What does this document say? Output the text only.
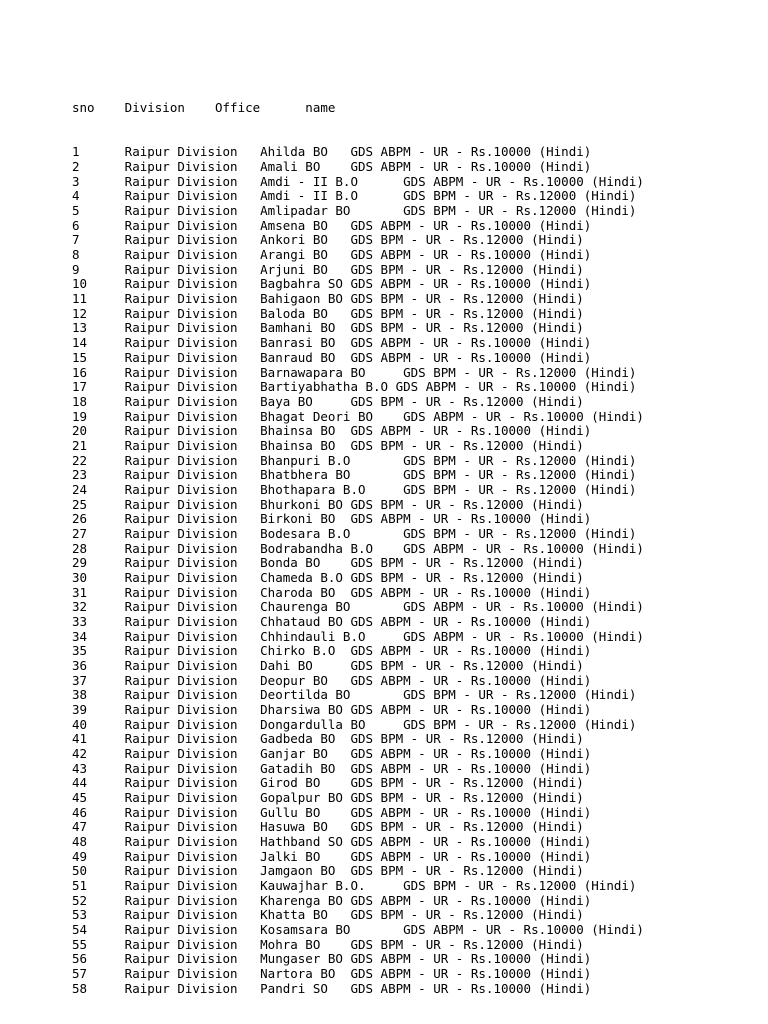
sno    Division    Office      name

1      Raipur Division   Ahilda BO   GDS ABPM - UR - Rs.10000 (Hindi)
2      Raipur Division   Amali BO    GDS ABPM - UR - Rs.10000 (Hindi)
3      Raipur Division   Amdi - II B.O      GDS ABPM - UR - Rs.10000 (Hindi)
4      Raipur Division   Amdi - II B.O      GDS BPM - UR - Rs.12000 (Hindi)
5      Raipur Division   Amlipadar BO       GDS BPM - UR - Rs.12000 (Hindi)
6      Raipur Division   Amsena BO   GDS ABPM - UR - Rs.10000 (Hindi)
7      Raipur Division   Ankori BO   GDS BPM - UR - Rs.12000 (Hindi)
8      Raipur Division   Arangi BO   GDS ABPM - UR - Rs.10000 (Hindi)
9      Raipur Division   Arjuni BO   GDS BPM - UR - Rs.12000 (Hindi)
10     Raipur Division   Bagbahra SO GDS ABPM - UR - Rs.10000 (Hindi)
11     Raipur Division   Bahigaon BO GDS BPM - UR - Rs.12000 (Hindi)
12     Raipur Division   Baloda BO   GDS BPM - UR - Rs.12000 (Hindi)
13     Raipur Division   Bamhani BO  GDS BPM - UR - Rs.12000 (Hindi)
14     Raipur Division   Banrasi BO  GDS ABPM - UR - Rs.10000 (Hindi)
15     Raipur Division   Banraud BO  GDS ABPM - UR - Rs.10000 (Hindi)
16     Raipur Division   Barnawapara BO     GDS BPM - UR - Rs.12000 (Hindi)
17     Raipur Division   Bartiyabhatha B.O GDS ABPM - UR - Rs.10000 (Hindi)
18     Raipur Division   Baya BO     GDS BPM - UR - Rs.12000 (Hindi)
19     Raipur Division   Bhagat Deori BO    GDS ABPM - UR - Rs.10000 (Hindi)
20     Raipur Division   Bhainsa BO  GDS ABPM - UR - Rs.10000 (Hindi)
21     Raipur Division   Bhainsa BO  GDS BPM - UR - Rs.12000 (Hindi)
22     Raipur Division   Bhanpuri B.O       GDS BPM - UR - Rs.12000 (Hindi)
23     Raipur Division   Bhatbhera BO       GDS BPM - UR - Rs.12000 (Hindi)
24     Raipur Division   Bhothapara B.O     GDS BPM - UR - Rs.12000 (Hindi)
25     Raipur Division   Bhurkoni BO GDS BPM - UR - Rs.12000 (Hindi)
26     Raipur Division   Birkoni BO  GDS ABPM - UR - Rs.10000 (Hindi)
27     Raipur Division   Bodesara B.O       GDS BPM - UR - Rs.12000 (Hindi)
28     Raipur Division   Bodrabandha B.O    GDS ABPM - UR - Rs.10000 (Hindi)
29     Raipur Division   Bonda BO    GDS BPM - UR - Rs.12000 (Hindi)
30     Raipur Division   Chameda B.O GDS BPM - UR - Rs.12000 (Hindi)
31     Raipur Division   Charoda BO  GDS ABPM - UR - Rs.10000 (Hindi)
32     Raipur Division   Chaurenga BO       GDS ABPM - UR - Rs.10000 (Hindi)
33     Raipur Division   Chhataud BO GDS ABPM - UR - Rs.10000 (Hindi)
34     Raipur Division   Chhindauli B.O     GDS ABPM - UR - Rs.10000 (Hindi)
35     Raipur Division   Chirko B.O  GDS ABPM - UR - Rs.10000 (Hindi)
36     Raipur Division   Dahi BO     GDS BPM - UR - Rs.12000 (Hindi)
37     Raipur Division   Deopur BO   GDS ABPM - UR - Rs.10000 (Hindi)
38     Raipur Division   Deortilda BO       GDS BPM - UR - Rs.12000 (Hindi)
39     Raipur Division   Dharsiwa BO GDS ABPM - UR - Rs.10000 (Hindi)
40     Raipur Division   Dongardulla BO     GDS BPM - UR - Rs.12000 (Hindi)
41     Raipur Division   Gadbeda BO  GDS BPM - UR - Rs.12000 (Hindi)
42     Raipur Division   Ganjar BO   GDS ABPM - UR - Rs.10000 (Hindi)
43     Raipur Division   Gatadih BO  GDS ABPM - UR - Rs.10000 (Hindi)
44     Raipur Division   Girod BO    GDS BPM - UR - Rs.12000 (Hindi)
45     Raipur Division   Gopalpur BO GDS BPM - UR - Rs.12000 (Hindi)
46     Raipur Division   Gullu BO    GDS ABPM - UR - Rs.10000 (Hindi)
47     Raipur Division   Hasuwa BO   GDS BPM - UR - Rs.12000 (Hindi)
48     Raipur Division   Hathband SO GDS ABPM - UR - Rs.10000 (Hindi)
49     Raipur Division   Jalki BO    GDS ABPM - UR - Rs.10000 (Hindi)
50     Raipur Division   Jamgaon BO  GDS BPM - UR - Rs.12000 (Hindi)
51     Raipur Division   Kauwajhar B.O.     GDS BPM - UR - Rs.12000 (Hindi)
52     Raipur Division   Kharenga BO GDS ABPM - UR - Rs.10000 (Hindi)
53     Raipur Division   Khatta BO   GDS BPM - UR - Rs.12000 (Hindi)
54     Raipur Division   Kosamsara BO       GDS ABPM - UR - Rs.10000 (Hindi)
55     Raipur Division   Mohra BO    GDS BPM - UR - Rs.12000 (Hindi)
56     Raipur Division   Mungaser BO GDS ABPM - UR - Rs.10000 (Hindi)
57     Raipur Division   Nartora BO  GDS ABPM - UR - Rs.10000 (Hindi)
58     Raipur Division   Pandri SO   GDS ABPM - UR - Rs.10000 (Hindi)
